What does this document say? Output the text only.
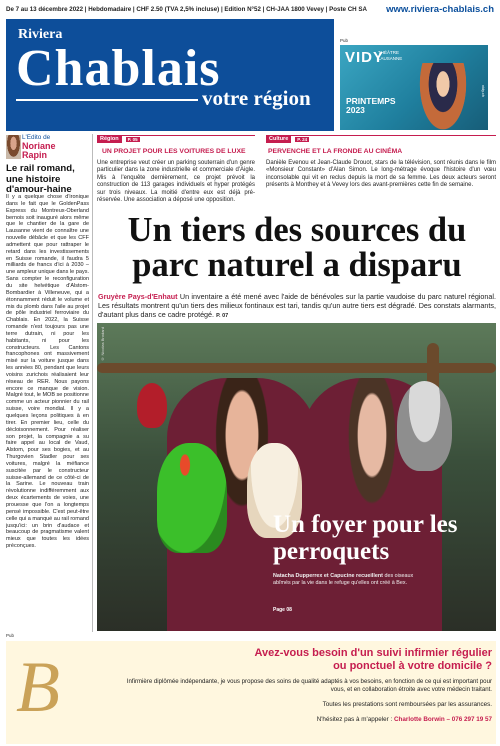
De 7 au 13 décembre 2022 | Hebdomadaire | CHF 2.50 (TVA 2,5% incluse) | Edition N°52 | CH-JAA 1800 Vevey | Poste CH SA www.riviera-chablais.ch
Riviera
Chablais
votre région
Pub
VIDY
THÉÂTRE LAUSANNE
PRINTEMPS
2023
vidy.ch
L'Edito de
Noriane
Rapin
Le rail romand, une histoire d'amour-haine
Il y a quelque chose d'ironique dans le fait que le GoldenPass Express du Montreux-Oberland bernois soit inauguré alors même que le chantier de la gare de Lausanne vient de connaître une nouvelle débâcle et que les CFF admettent que pour rattraper le retard dans les investissements en Suisse romande, il faudra 5 milliards de francs d'ici à 2030 – une ampleur unique dans le pays. Sans compter le reconfiguration du site helvétique d'Alstom-Bombardier à Villeneuve, qui a étonnamment réduit le volume et mis du plomb dans l'aile au projet de pôle industriel ferroviaire du Chablais. En 2022, la Suisse romande n'est toujours pas une terre dutrain, ni pour les habitants, ni pour les constructeurs. Les Cantons francophones ont massivement misé sur la voiture jusque dans les années 80, pendant que leurs voisins zurichois réalisaient leur réseau de RER. Nous payons encore ce manque de vision. Malgré tout, le MOB se positionne comme un acteur pionnier du rail suisse, voire mondial. Il y a quelques leçons politiques à en tirer. En premier lieu, celle du décloisonnement. Pour réaliser son projet, la compagnie a su faire appel au local de Vaud, Alstom, pour ses bogies, et au Thurgovien Stadler pour ses voitures, malgré la méfiance suscitée par le constructeur suisse-allemand de ce côté-ci de la Sarine. Le nouveau train révolutionne indifféremment aux deux écartements de voies, une prouesse que l'on a longtemps pensé impossible. C'est peut-être celle qui a manqué au rail romand jusqu'ici: un brin d'audace et beaucoup de pragmatisme valent mieux que toutes les idées préconçues.
Région	P. 05
UN PROJET POUR LES VOITURES DE LUXE
Une entreprise veut créer un parking souterrain d'un genre particulier dans la zone industrielle et commerciale d'Aigle. Mis à l'enquête dernièrement, ce projet prévoit la construction de 113 garages individuels et hyper protégés sur trois niveaux. La moitié d'entre eux est déjà pré-réservée. Une association a déposé une opposition.
Culture	P. 24
PERVENCHE ET LA FRONDE AU CINÉMA
Danièle Evenou et Jean-Claude Drouot, stars de la télévision, sont réunis dans le film «Monsieur Constant» d'Alan Simon. Le long-métrage évoque l'histoire d'un vœu inconsolable qui vit en reclus depuis la mort de sa femme. Les deux acteurs seront présents à Monthey et à Vevey lors des avant-premières cette fin de semaine.
Un tiers des sources du parc naturel a disparu
Gruyère Pays-d'Enhaut Un inventaire a été mené avec l'aide de bénévoles sur la partie vaudoise du parc naturel régional. Les résultats montrent qu'un tiers des milieux fontinaux est tari, tandis qu'un autre tiers est dégradé. Des constats alarmants, d'autant plus dans ce cadre protégé. P. 07
© Nicolas Brodard
Un foyer pour les perroquets
Natacha Dupperrex et Capucine recueillent des oiseaux abîmés par la vie dans le refuge qu'elles ont créé à Bex.
Page 08
Pub
B	Avez-vous besoin d'un suivi infirmier régulier
ou ponctuel à votre domicile ?
Infirmière diplômée indépendante, je vous propose des soins de qualité adaptés à vos besoins, en fonction de ce qui est important pour vous, et en collaboration étroite avec votre médecin traitant.
Toutes les prestations sont remboursées par les assurances.
N'hésitez pas à m'appeler : Charlotte Borwin – 076 297 19 57
